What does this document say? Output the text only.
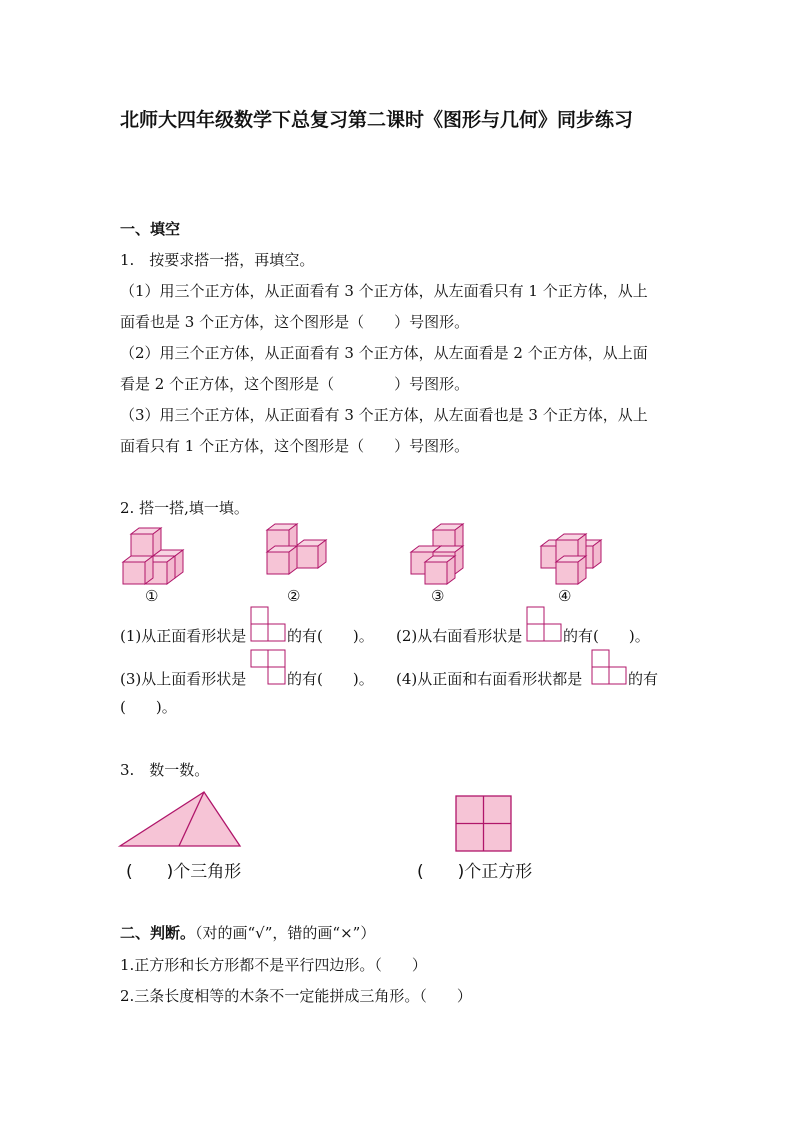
北师大四年级数学下总复习第二课时《图形与几何》同步练习
一、填空
1.　按要求搭一搭，再填空。
（1）用三个正方体，从正面看有 3 个正方体，从左面看只有 1 个正方体，从上
面看也是 3 个正方体，这个图形是（　　）号图形。
（2）用三个正方体，从正面看有 3 个正方体，从左面看是 2 个正方体，从上面
看是 2 个正方体，这个图形是（　　　　）号图形。
（3）用三个正方体，从正面看有 3 个正方体，从左面看也是 3 个正方体，从上
面看只有 1 个正方体，这个图形是（　　）号图形。
2. 搭一搭,填一填。
①	②	③	④
(1)从正面看形状是	的有(　　)。 (2)从右面看形状是	的有(　　)。
(3)从上面看形状是	的有(　　)。 (4)从正面和右面看形状都是	的有
(　　)。
3.　数一数。
(　　)个三角形	(　　)个正方形
二、判断。（对的画“√”，错的画“×”）
1.正方形和长方形都不是平行四边形。（　　）
2.三条长度相等的木条不一定能拼成三角形。（　　）
